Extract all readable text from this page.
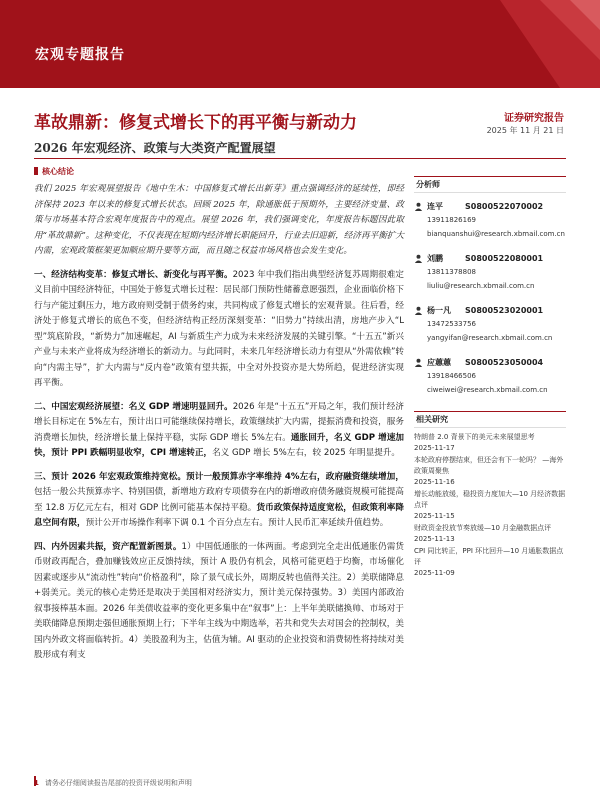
宏观专题报告
革故鼎新：修复式增长下的再平衡与新动力	证券研究报告
2025 年 11 月 21 日
2026 年宏观经济、政策与大类资产配置展望
核心结论

我们 2025 年宏观展望报告《地中生木：中国修复式增长出新芽》重点强调经济的延续性，即经济保持 2023 年以来的修复式增长状态。回顾 2025 年，除通胀低于预期外，主要经济变量、政策与市场基本符合宏观年度报告中的观点。展望 2026 年，我们强调变化，年度报告标题因此取用“革故鼎新”。这种变化，不仅表现在短期内经济增长职能回升，行业去旧迎新，经济再平衡扩大内需，宏观政策框架更加顺应期升要等方面，而且随之权益市场风格也会发生变化。

一、经济结构变革：修复式增长、新变化与再平衡。2023 年中我们指出典型经济复苏周期很难定义目前中国经济特征，中国处于修复式增长过程：居民部门预防性储蓄意愿强烈，企业面临价格下行与产能过剩压力，地方政府则受制于债务约束，共同构成了修复式增长的宏观背景。往后看，经济处于修复式增长的底色不变，但经济结构正经历深刻变革：“旧势力”持续出清，房地产步入“L型”筑底阶段，“新势力”加速崛起，AI 与新质生产力成为未来经济发展的关键引擎。“十五五”新兴产业与未来产业将成为经济增长的新动力。与此同时，未来几年经济增长动力有望从“外需依赖”转向“内需主导”，扩大内需与“反内卷”政策有望共振，中全对外投资亦是大势所趋，促进经济实现再平衡。

二、中国宏观经济展望：名义 GDP 增速明显回升。2026 年是“十五五”开局之年，我们预计经济增长目标定在 5%左右，预计出口可能继续保持增长，政策继续扩大内需，提振消费和投资，服务消费增长加快，经济增长量上保持平稳，实际 GDP 增长 5%左右。通胀回升，名义 GDP 增速加快，预计 PPI 跌幅明显收窄，CPI 增速转正，名义 GDP 增长 5%左右，较 2025 年明显提升。

三、预计 2026 年宏观政策维持宽松。预计一般预算赤字率维持 4%左右，政府融资继续增加，包括一般公共预算赤字、特别国债，新增地方政府专项债券在内的新增政府债务融资规模可能提高至 12.8 万亿元左右，相对 GDP 比例可能基本保持平稳。货币政策保持适度宽松，但政策利率降息空间有限，预计公开市场操作利率下调 0.1 个百分点左右。预计人民币汇率延续升值趋势。

四、内外因素共振，资产配置新图景。1）中国低通胀的一体两面。考虑到完全走出低通胀仍需货币财政再配合，叠加赚钱效应正反馈持续，预计 A 股仍有机会，风格可能更趋于均衡，市场催化因素或逐步从“流动性”转向“价格盈利”，除了景气成长外，周期反转也值得关注。2）美联储降息+弱美元。美元的核心走势还是取决于美国相对经济实力，预计美元保持强势。3）美国内部政治叙事接棒基本面。2026 年美债收益率的变化更多集中在“叙事”上：上半年美联储换帅、市场对于美联储降息预期走强但通胀预期上行；下半年主线为中期选举，若共和党失去对国会的控制权，美国内外政文将面临转折。4）美股盈利为主，估值为辅。AI 驱动的企业投资和消费韧性将持续对美股形成有利支

分析师
连平	S0800522070002
13911826169
bianquanshui@research.xbmail.com.cn
刘鹏	S0800522080001
13811378808
liuliu@research.xbmail.com.cn
杨一凡	S0800523020001
13472533756
yangyifan@research.xbmail.com.cn
应蕙蕙	S0800523050004
13918466506
ciweiwei@research.xbmail.com.cn
相关研究
特朗普 2.0 背景下的美元未来展望思考
2025-11-17
本轮政府停摆结束，但还会有下一轮吗？ —海外政策周聚焦
2025-11-16
增长动能放缓，稳投资力度加大—10 月经济数据点评
2025-11-15
财政资金投放节奏放缓—10 月金融数据点评
2025-11-13
CPI 同比转正，PPI 环比回升—10 月通胀数据点评
2025-11-09
1 请务必仔细阅读报告尾部的投资评级说明和声明
